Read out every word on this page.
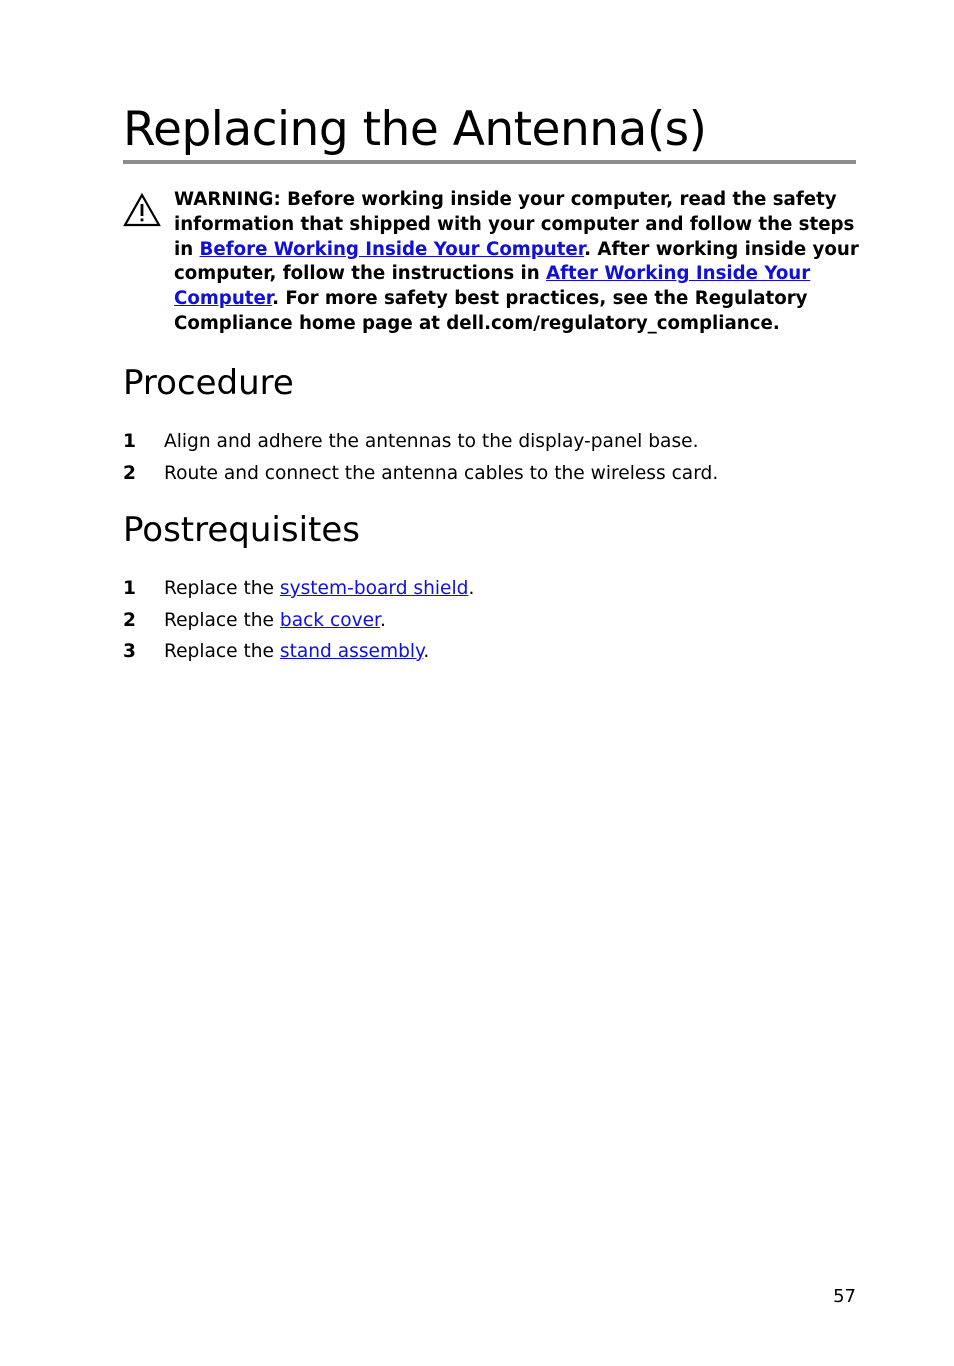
Replacing the Antenna(s)
WARNING: Before working inside your computer, read the safety information that shipped with your computer and follow the steps in Before Working Inside Your Computer. After working inside your computer, follow the instructions in After Working Inside Your Computer. For more safety best practices, see the Regulatory Compliance home page at dell.com/regulatory_compliance.
Procedure
1 Align and adhere the antennas to the display-panel base.
2 Route and connect the antenna cables to the wireless card.
Postrequisites
1 Replace the system-board shield.
2 Replace the back cover.
3 Replace the stand assembly.
57
